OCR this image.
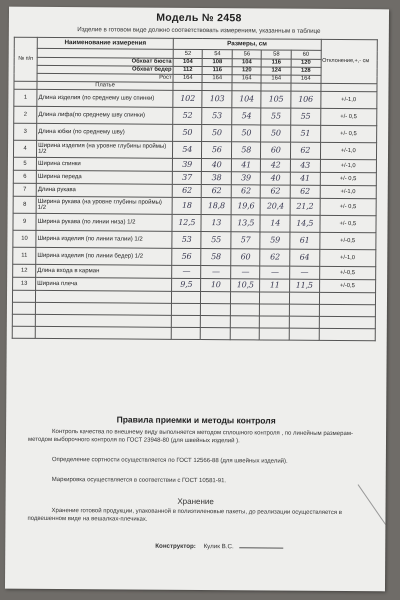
Модель № 2458
Изделие в готовом виде должно соответствовать измерениям, указанным в таблице
№ п/п	Наименование измерения	Размеры, см					Отклонение,+,- см
		52	54	56	58	60	
	Обхват бюста	104	108	104	116	120	
	Обхват бедер	112	116	120	124	128	
	Рост	164	164	164	164	164	
	Платье						
1	Длина изделия (по среднему шву спинки)	102	103	104	105	106	+/-1,0
2	Длина лифа(по среднему шву спинки)	52	53	54	55	55	+/- 0,5
3	Длина юбки (по среднему шву)	50	50	50	50	51	+/- 0,5
4	Ширина изделия (на уровне глубины проймы) 1/2	54	56	58	60	62	+/-1,0
5	Ширина спинки	39	40	41	42	43	+/-1,0
6	Ширина переда	37	38	39	40	41	+/- 0,5
7	Длина рукава	62	62	62	62	62	+/-1,0
8	Ширина рукава (на уровне глубины проймы) 1/2	18	18,8	19,6	20,4	21,2	+/- 0,5
9	Ширина рукава (по линии низа) 1/2	12,5	13	13,5	14	14,5	+/- 0,5
10	Ширина изделия (по линии талии) 1/2	53	55	57	59	61	+/-0,5
11	Ширина изделия (по линии бедер) 1/2	56	58	60	62	64	+/-1,0
12	Длина входа в карман	—	—	—	—	—	+/-0,5
13	Ширина плеча	9,5	10	10,5	11	11,5	+/-0,5

Правила приемки и методы контроля
Контроль качества по внешнему виду выполняется методом сплошного контроля , по линейным размерам- методом выборочного контроля по ГОСТ 23948-80 (для швейных изделий ).
Определение сортности осуществляется по ГОСТ 12566-88 (для швейных изделий).
Маркировка осуществляется в соответствии с ГОСТ 10581-91.
Хранение
Хранение готовой продукции, упакованной в полиэтиленовые пакеты, до реализации осуществляется в подвешенном виде на вешалках-плечиках.
Конструктор: Кулик В.С.
